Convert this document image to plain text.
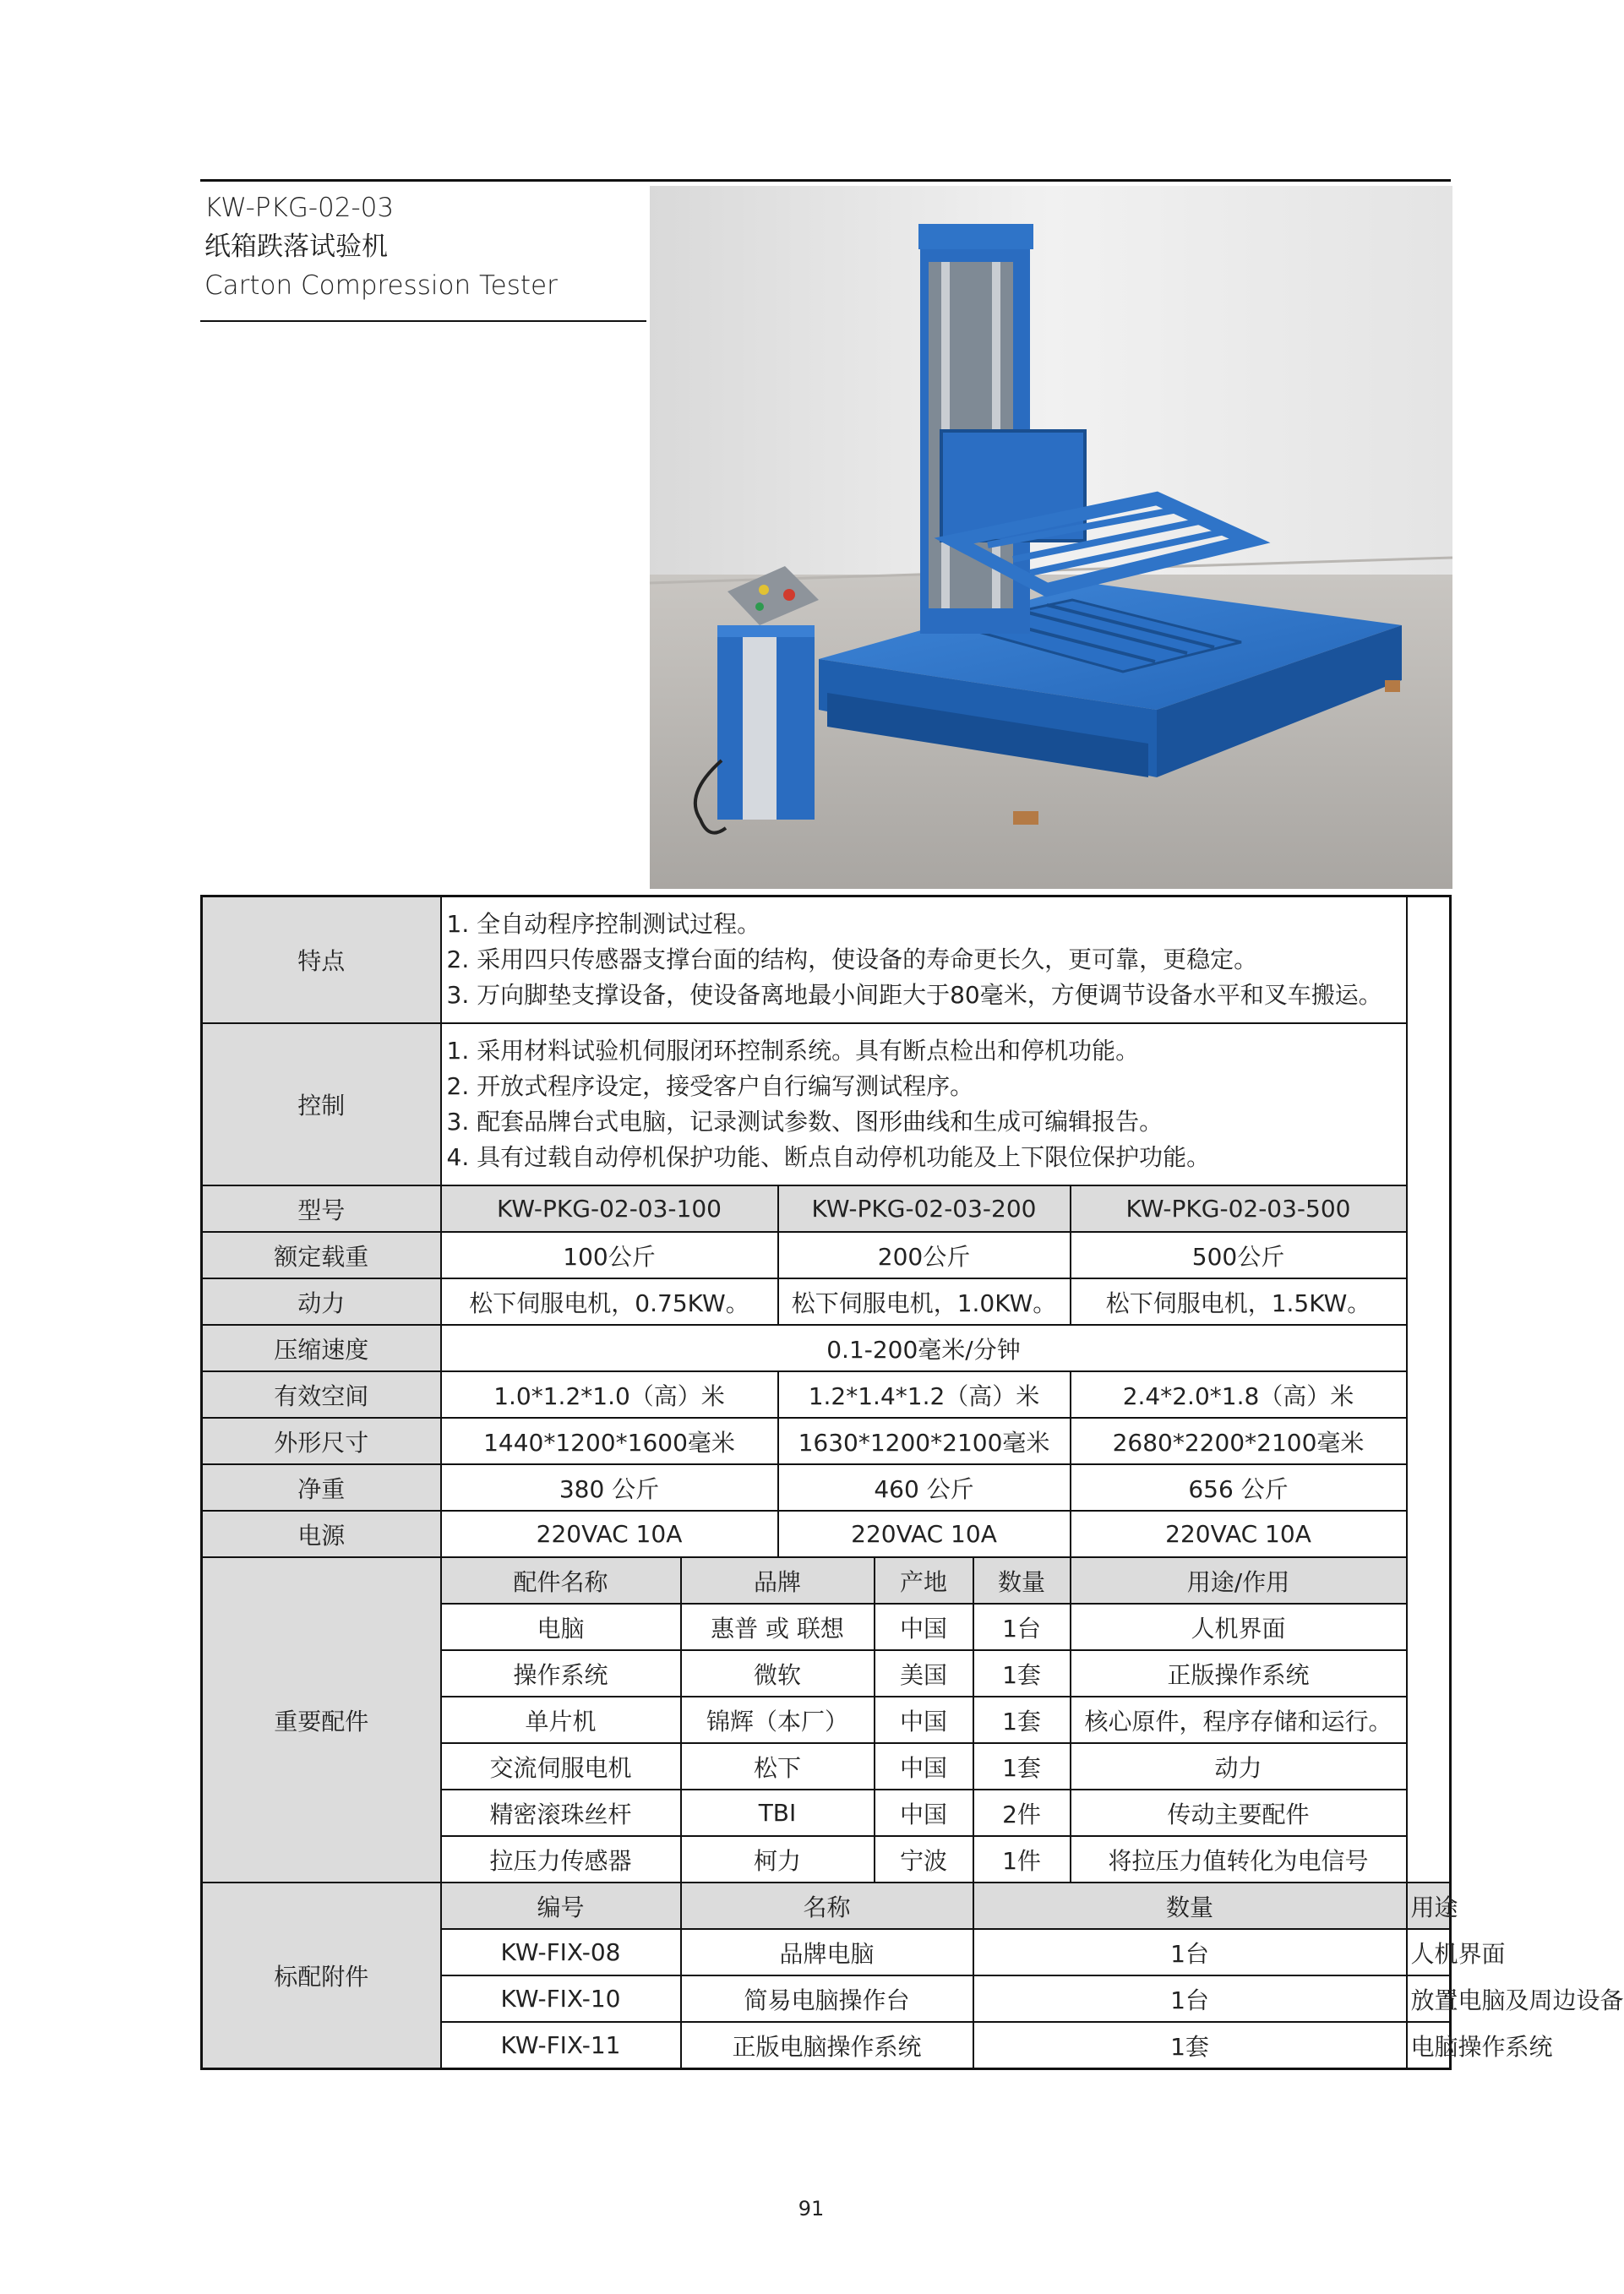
KW-PKG-02-03
纸箱跌落试验机
Carton Compression Tester
特点	1. 全自动程序控制测试过程。
2. 采用四只传感器支撑台面的结构，使设备的寿命更长久，更可靠，更稳定。
3. 万向脚垫支撑设备，使设备离地最小间距大于80毫米，方便调节设备水平和叉车搬运。						

控制	1. 采用材料试验机伺服闭环控制系统。具有断点检出和停机功能。
2. 开放式程序设定，接受客户自行编写测试程序。
3. 配套品牌台式电脑，记录测试参数、图形曲线和生成可编辑报告。
4. 具有过载自动停机保护功能、断点自动停机功能及上下限位保护功能。						

型号	KW-PKG-02-03-100		KW-PKG-02-03-200			KW-PKG-02-03-500	
额定载重	100公斤		200公斤			500公斤	
动力	松下伺服电机，0.75KW。		松下伺服电机，1.0KW。			松下伺服电机，1.5KW。	
压缩速度	0.1-200毫米/分钟						
有效空间	1.0*1.2*1.0（高）米		1.2*1.4*1.2（高）米			2.4*2.0*1.8（高）米	
外形尺寸	1440*1200*1600毫米		1630*1200*2100毫米			2680*2200*2100毫米	
净重	380 公斤		460 公斤			656 公斤	
电源	220VAC 10A		220VAC 10A			220VAC 10A	
重要配件	配件名称	品牌		产地	数量	用途/作用	
	电脑	惠普 或 联想		中国	1台	人机界面	
	操作系统	微软		美国	1套	正版操作系统	
	单片机	锦辉（本厂）		中国	1套	核心原件，程序存储和运行。	
	交流伺服电机	松下		中国	1套	动力	
	精密滚珠丝杆	TBI		中国	2件	传动主要配件	
	拉压力传感器	柯力		宁波	1件	将拉压力值转化为电信号	
标配附件	编号	名称			数量		用途
	KW-FIX-08	品牌电脑			1台		人机界面
	KW-FIX-10	简易电脑操作台			1台		放置电脑及周边设备
	KW-FIX-11	正版电脑操作系统			1套		电脑操作系统
91
